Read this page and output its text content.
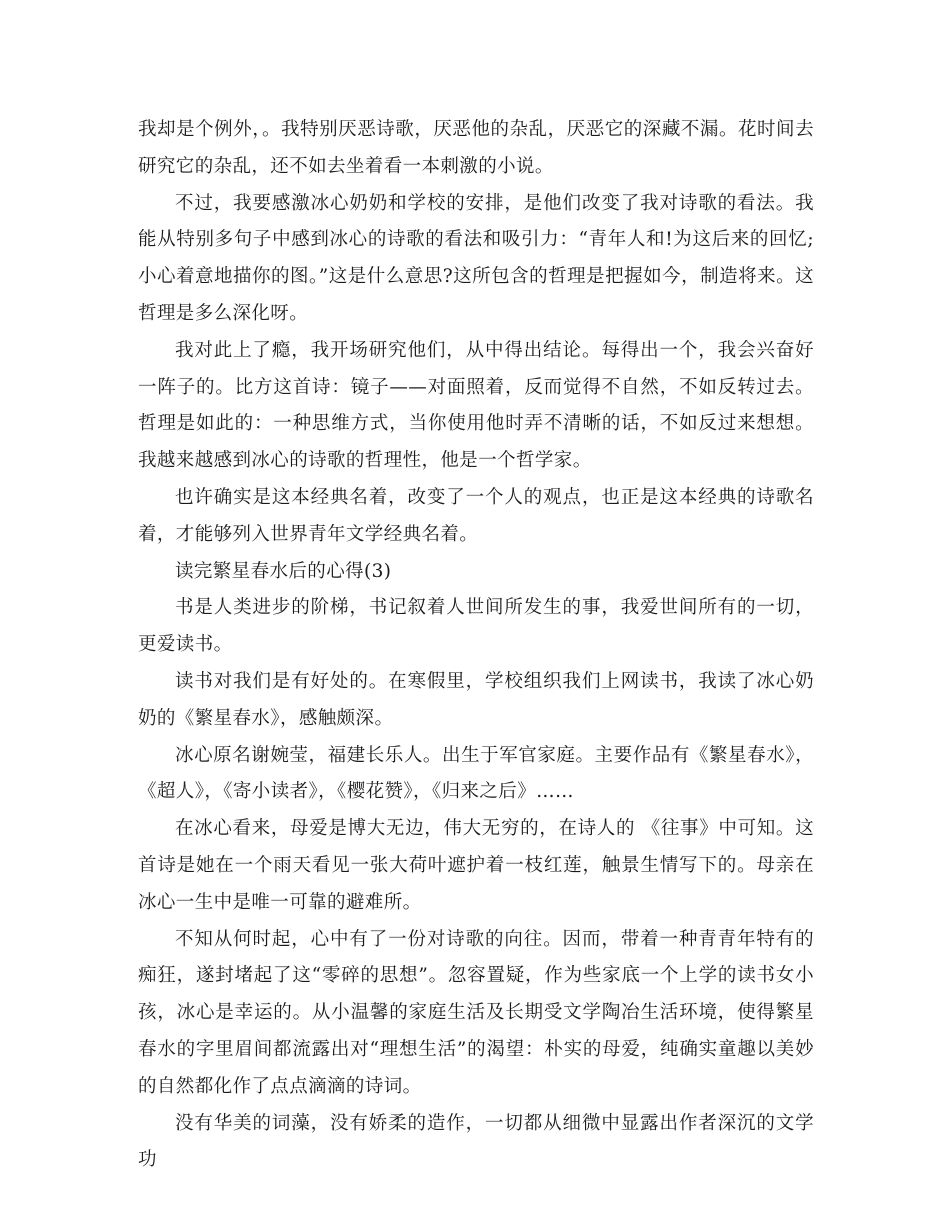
我却是个例外，。我特别厌恶诗歌，厌恶他的杂乱，厌恶它的深藏不漏。花时间去研究它的杂乱，还不如去坐着看一本刺激的小说。

不过，我要感激冰心奶奶和学校的安排，是他们改变了我对诗歌的看法。我能从特别多句子中感到冰心的诗歌的看法和吸引力：“青年人和!为这后来的回忆;小心着意地描你的图。”这是什么意思?这所包含的哲理是把握如今，制造将来。这哲理是多么深化呀。

我对此上了瘾，我开场研究他们，从中得出结论。每得出一个，我会兴奋好一阵子的。比方这首诗：镜子——对面照着，反而觉得不自然，不如反转过去。哲理是如此的：一种思维方式，当你使用他时弄不清晰的话，不如反过来想想。我越来越感到冰心的诗歌的哲理性，他是一个哲学家。

也许确实是这本经典名着，改变了一个人的观点，也正是这本经典的诗歌名着，才能够列入世界青年文学经典名着。

读完繁星春水后的心得(3)

书是人类进步的阶梯，书记叙着人世间所发生的事，我爱世间所有的一切，更爱读书。

读书对我们是有好处的。在寒假里，学校组织我们上网读书，我读了冰心奶奶的《繁星春水》，感触颇深。

冰心原名谢婉莹，福建长乐人。出生于军官家庭。主要作品有《繁星春水》，《超人》，《寄小读者》，《樱花赞》，《归来之后》……

在冰心看来，母爱是博大无边，伟大无穷的，在诗人的 《往事》中可知。这首诗是她在一个雨天看见一张大荷叶遮护着一枝红莲，触景生情写下的。母亲在冰心一生中是唯一可靠的避难所。

不知从何时起，心中有了一份对诗歌的向往。因而，带着一种青青年特有的痴狂，遂封堵起了这“零碎的思想”。忽容置疑，作为些家底一个上学的读书女小孩，冰心是幸运的。从小温馨的家庭生活及长期受文学陶冶生活环境，使得繁星春水的字里眉间都流露出对“理想生活”的渴望：朴实的母爱，纯确实童趣以美妙的自然都化作了点点滴滴的诗词。

没有华美的词藻，没有娇柔的造作，一切都从细微中显露出作者深沉的文学功
